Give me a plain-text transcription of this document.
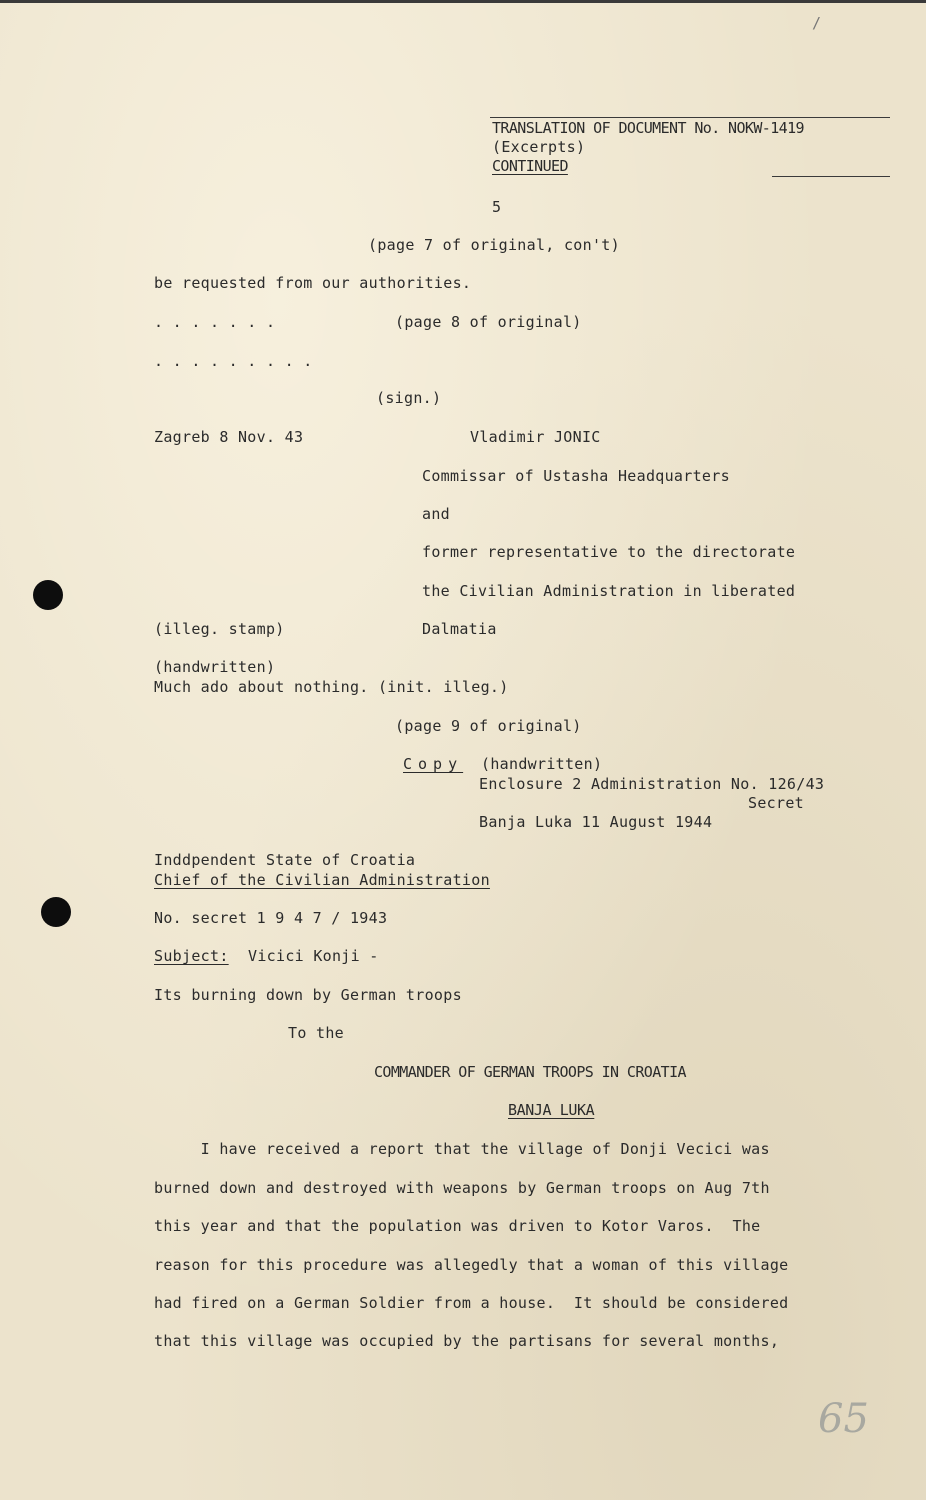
/
TRANSLATION OF DOCUMENT No. NOKW-1419
(Excerpts)
CONTINUED
5
(page 7 of original, con't)
be requested from our authorities.
. . . . . . .	(page 8 of original)
. . . . . . . . .
(sign.)
Zagreb 8 Nov. 43	Vladimir JONIC
Commissar of Ustasha Headquarters
and
former representative to the directorate
the Civilian Administration in liberated
(illeg. stamp)	Dalmatia
(handwritten)
Much ado about nothing. (init. illeg.)
(page 9 of original)
Copy (handwritten)
Enclosure 2 Administration No. 126/43
Secret
Banja Luka 11 August 1944
Inddpendent State of Croatia
Chief of the Civilian Administration
No. secret 1 9 4 7 / 1943
Subject: Vicici Konji -
Its burning down by German troops
To the
COMMANDER OF GERMAN TROOPS IN CROATIA
BANJA LUKA
I have received a report that the village of Donji Vecici was
burned down and destroyed with weapons by German troops on Aug 7th
this year and that the population was driven to Kotor Varos.  The
reason for this procedure was allegedly that a woman of this village
had fired on a German Soldier from a house.  It should be considered
that this village was occupied by the partisans for several months,
65
